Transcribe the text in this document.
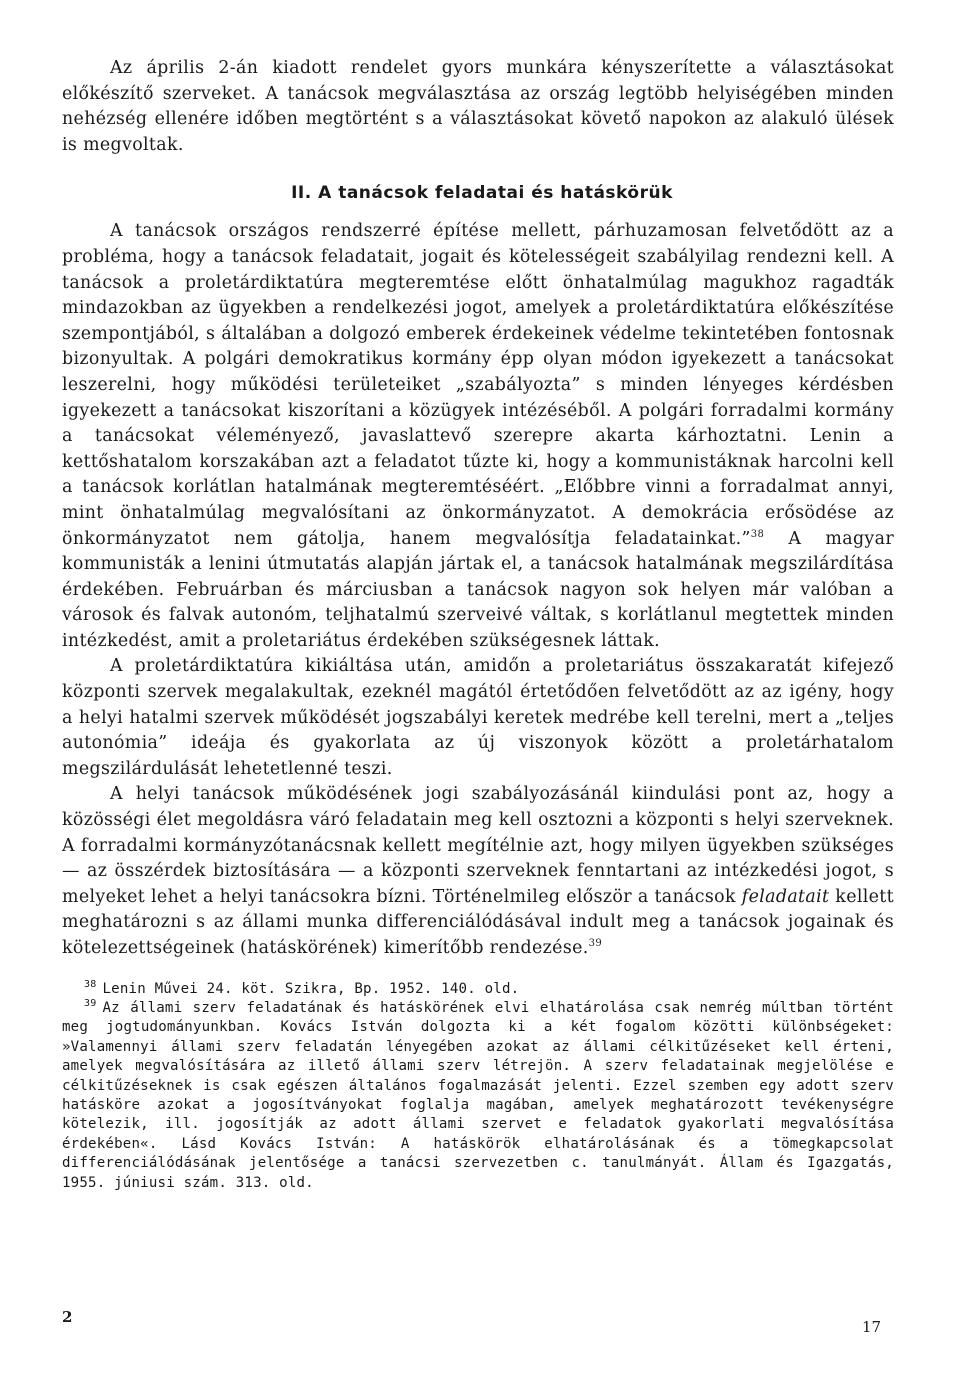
Az április 2-án kiadott rendelet gyors munkára kényszerítette a választásokat előkészítő szerveket. A tanácsok megválasztása az ország legtöbb helyiségében minden nehézség ellenére időben megtörtént s a választásokat követő napokon az alakuló ülések is megvoltak.

II. A tanácsok feladatai és hatáskörük

A tanácsok országos rendszerré építése mellett, párhuzamosan felvetődött az a probléma, hogy a tanácsok feladatait, jogait és kötelességeit szabályilag rendezni kell. A tanácsok a proletárdiktatúra megteremtése előtt önhatalmúlag magukhoz ragadták mindazokban az ügyekben a rendelkezési jogot, amelyek a proletárdiktatúra előkészítése szempontjából, s általában a dolgozó emberek érdekeinek védelme tekintetében fontosnak bizonyultak. A polgári demokratikus kormány épp olyan módon igyekezett a tanácsokat leszerelni, hogy működési területeiket „szabályozta” s minden lényeges kérdésben igyekezett a tanácsokat kiszorítani a közügyek intézéséből. A polgári forradalmi kormány a tanácsokat véleményező, javaslattevő szerepre akarta kárhoztatni. Lenin a kettőshatalom korszakában azt a feladatot tűzte ki, hogy a kommunistáknak harcolni kell a tanácsok korlátlan hatalmának megteremtéséért. „Előbbre vinni a forradalmat annyi, mint önhatalmúlag megvalósítani az önkormányzatot. A demokrácia erősödése az önkormányzatot nem gátolja, hanem megvalósítja feladatainkat.”$^{38}$ A magyar kommunisták a lenini útmutatás alapján jártak el, a tanácsok hatalmának megszilárdítása érdekében. Februárban és márciusban a tanácsok nagyon sok helyen már valóban a városok és falvak autonóm, teljhatalmú szerveivé váltak, s korlátlanul megtettek minden intézkedést, amit a proletariátus érdekében szükségesnek láttak.

A proletárdiktatúra kikiáltása után, amidőn a proletariátus összakaratát kifejező központi szervek megalakultak, ezeknél magától értetődően felvetődött az az igény, hogy a helyi hatalmi szervek működését jogszabályi keretek medrébe kell terelni, mert a „teljes autonómia” ideája és gyakorlata az új viszonyok között a proletárhatalom megszilárdulását lehetetlenné teszi.

A helyi tanácsok működésének jogi szabályozásánál kiindulási pont az, hogy a közösségi élet megoldásra váró feladatain meg kell osztozni a központi s helyi szerveknek. A forradalmi kormányzótanácsnak kellett megítélnie azt, hogy milyen ügyekben szükséges — az összérdek biztosítására — a központi szerveknek fenntartani az intézkedési jogot, s melyeket lehet a helyi tanácsokra bízni. Történelmileg először a tanácsok feladatait kellett meghatározni s az állami munka differenciálódásával indult meg a tanácsok jogainak és kötelezettségeinek (hatáskörének) kimerítőbb rendezése.$^{39}$

$^{38}$ Lenin Művei 24. köt. Szikra, Bp. 1952. 140. old.

$^{39}$ Az állami szerv feladatának és hatáskörének elvi elhatárolása csak nemrég múltban történt meg jogtudományunkban. Kovács István dolgozta ki a két fogalom közötti különbségeket: »Valamennyi állami szerv feladatán lényegében azokat az állami célkitűzéseket kell érteni, amelyek megvalósítására az illető állami szerv létrejön. A szerv feladatainak megjelölése e célkitűzéseknek is csak egészen általános fogalmazását jelenti. Ezzel szemben egy adott szerv hatásköre azokat a jogosítványokat foglalja magában, amelyek meghatározott tevékenységre kötelezik, ill. jogosítják az adott állami szervet e feladatok gyakorlati megvalósítása érdekében«. Lásd Kovács István: A hatáskörök elhatárolásának és a tömegkapcsolat differenciálódásának jelentősége a tanácsi szervezetben c. tanulmányát. Állam és Igazgatás, 1955. júniusi szám. 313. old.

2
17
